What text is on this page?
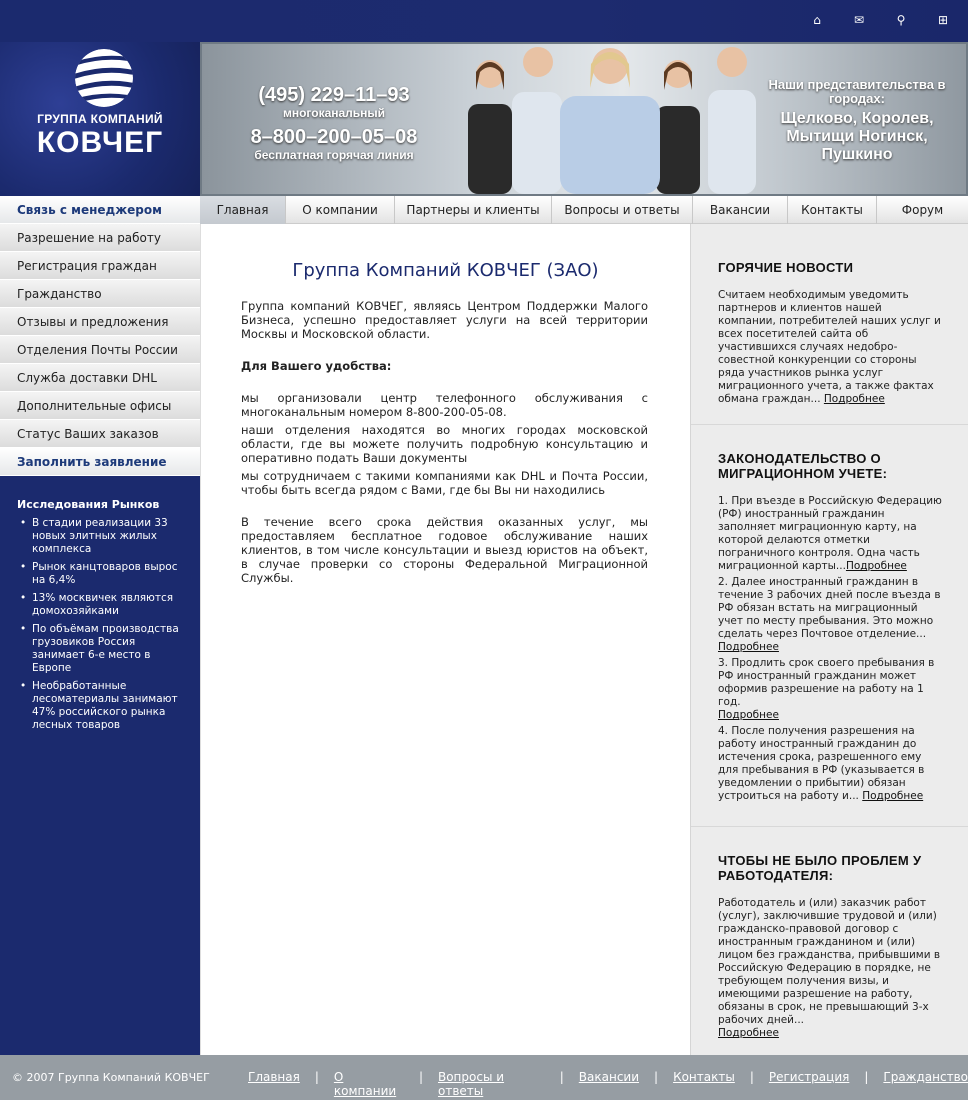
⌂	✉	⚲	⊞
ГРУППА КОМПАНИЙ
КОВЧЕГ
(495) 229–11–93
многоканальный
8–800–200–05–08
бесплатная горячая линия
Наши представительства в городах:
Щелково, Королев, Мытищи Ногинск, Пушкино
Связь с менеджером
Разрешение на работу
Регистрация граждан
Гражданство
Отзывы и предложения
Отделения Почты России
Служба доставки DHL
Дополнительные офисы
Статус Ваших заказов
Заполнить заявление
Исследования Рынков
• В стадии реализации 33 новых элитных жилых комплекса
• Рынок канцтоваров вырос на 6,4%
• 13% москвичек являются домохозяйками
• По объёмам производства грузовиков Россия занимает 6-е место в Европе
• Необработанные лесоматериалы занимают 47% российского рынка лесных товаров
Главная	О компании	Партнеры и клиенты	Вопросы и ответы	Вакансии	Контакты	Форум
Группа Компаний КОВЧЕГ (ЗАО)

Группа компаний КОВЧЕГ, являясь Центром Поддержки Малого Бизнеса, успешно предоставляет услуги на всей территории Москвы и Московской области.

Для Вашего удобства:

мы организовали центр телефонного обслуживания с многоканальным номером 8-800-200-05-08.

наши отделения находятся во многих городах московской области, где вы можете получить подробную консультацию и оперативно подать Ваши документы

мы сотрудничаем с такими компаниями как DHL и Почта России, чтобы быть всегда рядом с Вами, где бы Вы ни находились

В течение всего срока действия оказанных услуг, мы предоставляем бесплатное годовое обслуживание наших клиентов, в том числе консультации и выезд юристов на объект, в случае проверки со стороны Федеральной Миграционной Службы.

ГОРЯЧИЕ НОВОСТИ

Считаем необходимым уведомить партнеров и клиентов нашей компании, потребителей наших услуг и всех посетителей сайта об участившихся случаях недобро-совестной конкуренции со стороны ряда участников рынка услуг миграционного учета, а также фактах обмана граждан... Подробнее

ЗАКОНОДАТЕЛЬСТВО О МИГРАЦИОННОМ УЧЕТЕ:

1. При въезде в Российскую Федерацию (РФ) иностранный гражданин заполняет миграционную карту, на которой делаются отметки пограничного контроля. Одна часть миграционной карты...Подробнее

2. Далее иностранный гражданин в течение 3 рабочих дней после въезда в РФ обязан встать на миграционный учет по месту пребывания. Это можно сделать через Почтовое отделение...
Подробнее

3. Продлить срок своего пребывания в РФ иностранный гражданин может оформив разрешение на работу на 1 год.
Подробнее

4. После получения разрешения на работу иностранный гражданин до истечения срока, разрешенного ему для пребывания в РФ (указывается в уведомлении о прибытии) обязан устроиться на работу и... Подробнее

ЧТОБЫ НЕ БЫЛО ПРОБЛЕМ У РАБОТОДАТЕЛЯ:

Работодатель и (или) заказчик работ (услуг), заключившие трудовой и (или) гражданско-правовой договор с иностранным гражданином и (или) лицом без гражданства, прибывшими в Российскую Федерацию в порядке, не требующем получения визы, и имеющими разрешение на работу, обязаны в срок, не превышающий 3-х рабочих дней...
Подробнее

© 2007 Группа Компаний КОВЧЕГ	Главная | О компании
| Вопросы и ответы
| Вакансии | Контакты | Регистрация | Гражданство
